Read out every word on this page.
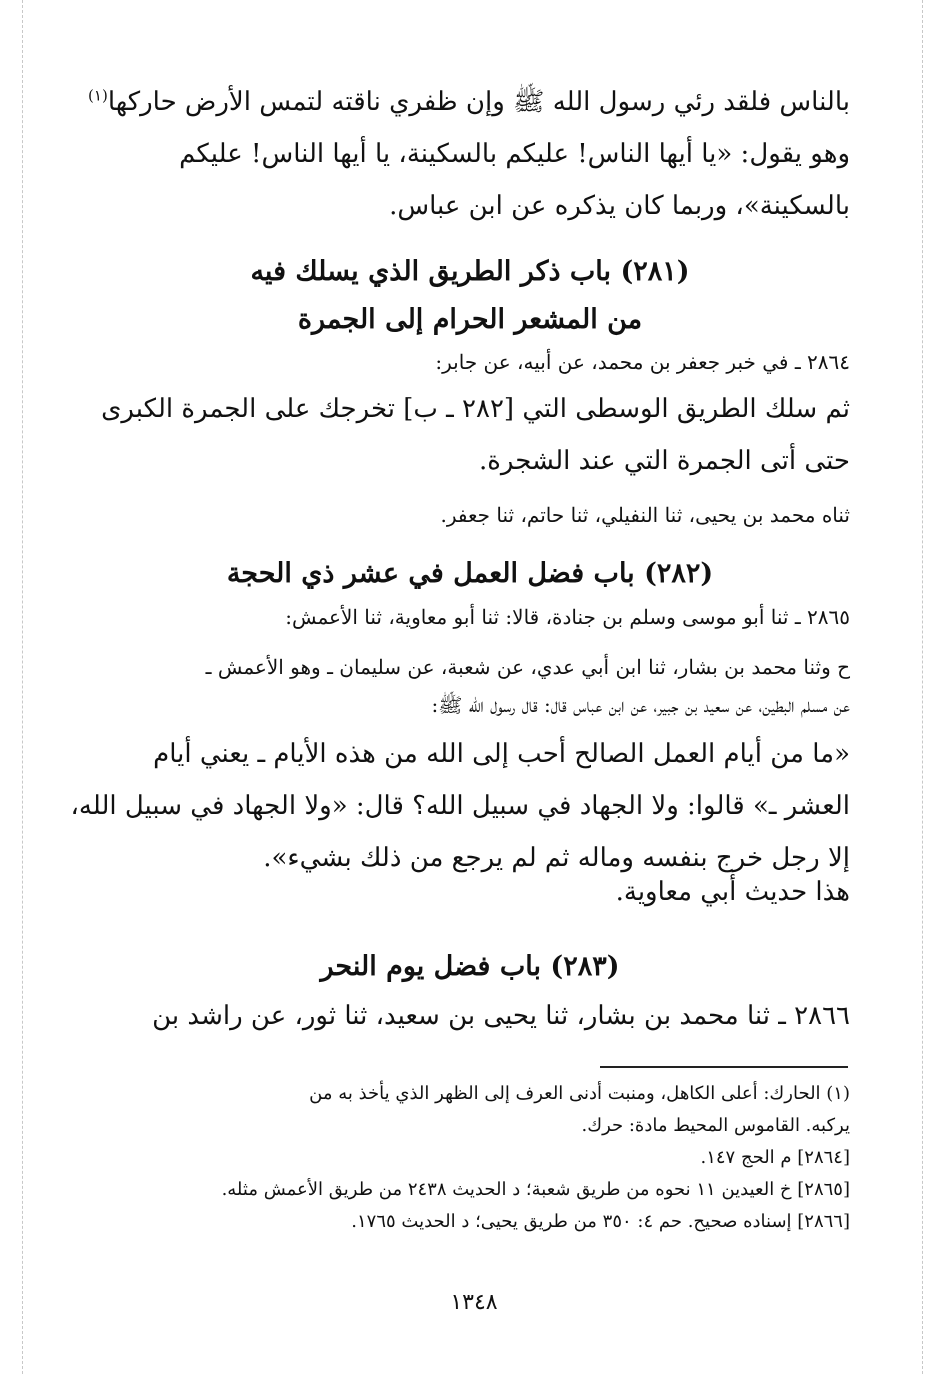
بالناس فلقد رئي رسول الله ﷺ وإن ظفري ناقته لتمس الأرض حاركها$^{(١)}$
وهو يقول: «يا أيها الناس! عليكم بالسكينة، يا أيها الناس! عليكم
بالسكينة»، وربما كان يذكره عن ابن عباس.
(٢٨١) باب ذكر الطريق الذي يسلك فيه
من المشعر الحرام إلى الجمرة
٢٨٦٤ ـ في خبر جعفر بن محمد، عن أبيه، عن جابر:
ثم سلك الطريق الوسطى التي [٢٨٢ ـ ب] تخرجك على الجمرة الكبرى
حتى أتى الجمرة التي عند الشجرة.
ثناه محمد بن يحيى، ثنا النفيلي، ثنا حاتم، ثنا جعفر.
(٢٨٢) باب فضل العمل في عشر ذي الحجة
٢٨٦٥ ـ ثنا أبو موسى وسلم بن جنادة، قالا: ثنا أبو معاوية، ثنا الأعمش:
ح وثنا محمد بن بشار، ثنا ابن أبي عدي، عن شعبة، عن سليمان ـ وهو الأعمش ـ
عن مسلم البطين، عن سعيد بن جبير، عن ابن عباس قال: قال رسول الله ﷺ:
«ما من أيام العمل الصالح أحب إلى الله من هذه الأيام ـ يعني أيام
العشر ـ» قالوا: ولا الجهاد في سبيل الله؟ قال: «ولا الجهاد في سبيل الله،
إلا رجل خرج بنفسه وماله ثم لم يرجع من ذلك بشيء».
هذا حديث أبي معاوية.
(٢٨٣) باب فضل يوم النحر
٢٨٦٦ ـ ثنا محمد بن بشار، ثنا يحيى بن سعيد، ثنا ثور، عن راشد بن
(١) الحارك: أعلى الكاهل، ومنبت أدنى العرف إلى الظهر الذي يأخذ به من
يركبه. القاموس المحيط مادة: حرك.
[٢٨٦٤] م الحج ١٤٧.
[٢٨٦٥] خ العيدين ١١ نحوه من طريق شعبة؛ د الحديث ٢٤٣٨ من طريق الأعمش مثله.
[٢٨٦٦] إسناده صحيح. حم ٤: ٣٥٠ من طريق يحيى؛ د الحديث ١٧٦٥.
١٣٤٨
